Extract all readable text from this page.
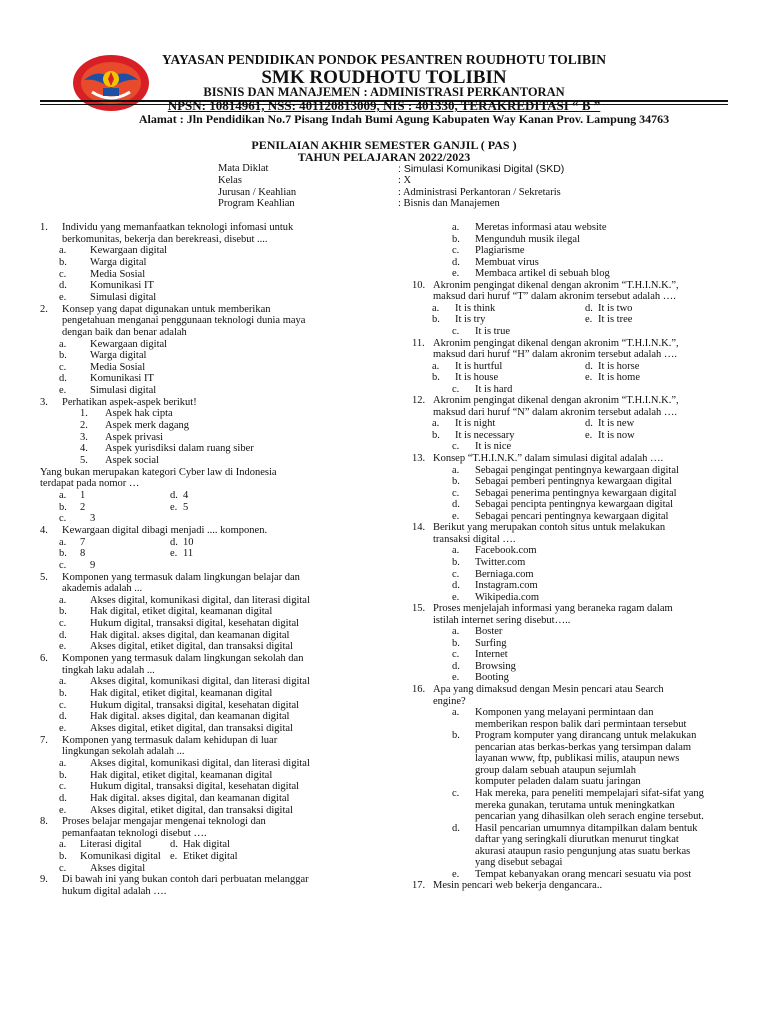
YAYASAN PENDIDIKAN PONDOK PESANTREN ROUDHOTU TOLIBIN
SMK ROUDHOTU TOLIBIN
BISNIS DAN MANAJEMEN : ADMINISTRASI PERKANTORAN
NPSN: 10814961, NSS: 401120813009, NIS : 401330, TERAKREDITASI “ B ”
Alamat : Jln Pendidikan No.7 Pisang Indah Bumi Agung Kabupaten Way Kanan Prov. Lampung 34763
PENILAIAN AKHIR SEMESTER GANJIL ( PAS )
TAHUN PELAJARAN 2022/2023
Mata Diklat	: Simulasi Komunikasi Digital (SKD)
Kelas	: X
Jurusan / Keahlian	: Administrasi Perkantoran / Sekretaris
Program Keahlian	: Bisnis dan Manajemen
1. Individu yang memanfaatkan teknologi infomasi untuk
berkomunitas, bekerja dan berekreasi, disebut ....
a. Kewargaan digital
b. Warga digital
c. Media Sosial
d. Komunikasi IT
e. Simulasi digital
2. Konsep yang dapat digunakan untuk memberikan
pengetahuan menganai penggunaan teknologi dunia maya
dengan baik dan benar adalah
a. Kewargaan digital
b. Warga digital
c. Media Sosial
d. Komunikasi IT
e. Simulasi digital
3. Perhatikan aspek-aspek berikut!
1. Aspek hak cipta
2. Aspek merk dagang
3. Aspek privasi
4. Aspek yurisdiksi dalam ruang siber
5. Aspek social
Yang bukan merupakan kategori Cyber law di Indonesia
terdapat pada nomor …
a. 1	d. 4
b. 2	e. 5
c. 3
4. Kewargaan digital dibagi menjadi .... komponen.
a. 7	d. 10
b. 8	e. 11
c. 9
5. Komponen yang termasuk dalam lingkungan belajar dan
akademis adalah ...
a. Akses digital, komunikasi digital, dan literasi digital
b. Hak digital, etiket digital, keamanan digital
c. Hukum digital, transaksi digital, kesehatan digital
d. Hak digital. akses digital, dan keamanan digital
e. Akses digital, etiket digital, dan transaksi digital
6. Komponen yang termasuk dalam lingkungan sekolah dan
tingkah laku adalah ...
a. Akses digital, komunikasi digital, dan literasi digital
b. Hak digital, etiket digital, keamanan digital
c. Hukum digital, transaksi digital, kesehatan digital
d. Hak digital. akses digital, dan keamanan digital
e. Akses digital, etiket digital, dan transaksi digital
7. Komponen yang termasuk dalam kehidupan di luar
lingkungan sekolah adalah ...
a. Akses digital, komunikasi digital, dan literasi digital
b. Hak digital, etiket digital, keamanan digital
c. Hukum digital, transaksi digital, kesehatan digital
d. Hak digital. akses digital, dan keamanan digital
e. Akses digital, etiket digital, dan transaksi digital
8. Proses belajar mengajar mengenai teknologi dan
pemanfaatan teknologi disebut ….
a. Literasi digital	d. Hak digital
b. Komunikasi digital e. Etiket digital
c. Akses digital
9. Di bawah ini yang bukan contoh dari perbuatan melanggar
hukum digital adalah ….
a. Meretas informasi atau website
b. Mengunduh musik ilegal
c. Plagiarisme
d. Membuat virus
e. Membaca artikel di sebuah blog
10. Akronim pengingat dikenal dengan akronim “T.H.I.N.K.”,
maksud dari huruf “T” dalam akronim tersebut adalah ….
a. It is think	d. It is two
b. It is try	e. It is tree
c. It is true
11. Akronim pengingat dikenal dengan akronim “T.H.I.N.K.”,
maksud dari huruf “H” dalam akronim tersebut adalah ….
a. It is hurtful	d. It is horse
b. It is house	e. It is home
c. It is hard
12. Akronim pengingat dikenal dengan akronim “T.H.I.N.K.”,
maksud dari huruf “N” dalam akronim tersebut adalah ….
a. It is night	d. It is new
b. It is necessary	e. It is now
c. It is nice
13. Konsep “T.H.I.N.K.” dalam simulasi digital adalah ….
a. Sebagai pengingat pentingnya kewargaan digital
b. Sebagai pemberi pentingnya kewargaan digital
c. Sebagai penerima pentingnya kewargaan digital
d. Sebagai pencipta pentingnya kewargaan digital
e. Sebagai pencari pentingnya kewargaan digital
14. Berikut yang merupakan contoh situs untuk melakukan
transaksi digital ….
a. Facebook.com
b. Twitter.com
c. Berniaga.com
d. Instagram.com
e. Wikipedia.com
15. Proses menjelajah informasi yang beraneka ragam dalam
istilah internet sering disebut…..
a. Boster
b. Surfing
c. Internet
d. Browsing
e. Booting
16. Apa yang dimaksud dengan Mesin pencari atau Search
engine?
a. Komponen yang melayani permintaan dan
memberikan respon balik dari permintaan tersebut
b. Program komputer yang dirancang untuk melakukan
pencarian atas berkas-berkas yang tersimpan dalam
layanan www, ftp, publikasi milis, ataupun news
group dalam sebuah ataupun sejumlah
komputer peladen dalam suatu jaringan
c. Hak mereka, para peneliti mempelajari sifat-sifat yang
mereka gunakan, terutama untuk meningkatkan
pencarian yang dihasilkan oleh serach engine tersebut.
d. Hasil pencarian umumnya ditampilkan dalam bentuk
daftar yang seringkali diurutkan menurut tingkat
akurasi ataupun rasio pengunjung atas suatu berkas
yang disebut sebagai
e. Tempat kebanyakan orang mencari sesuatu via post
17. Mesin pencari web bekerja dengancara..
